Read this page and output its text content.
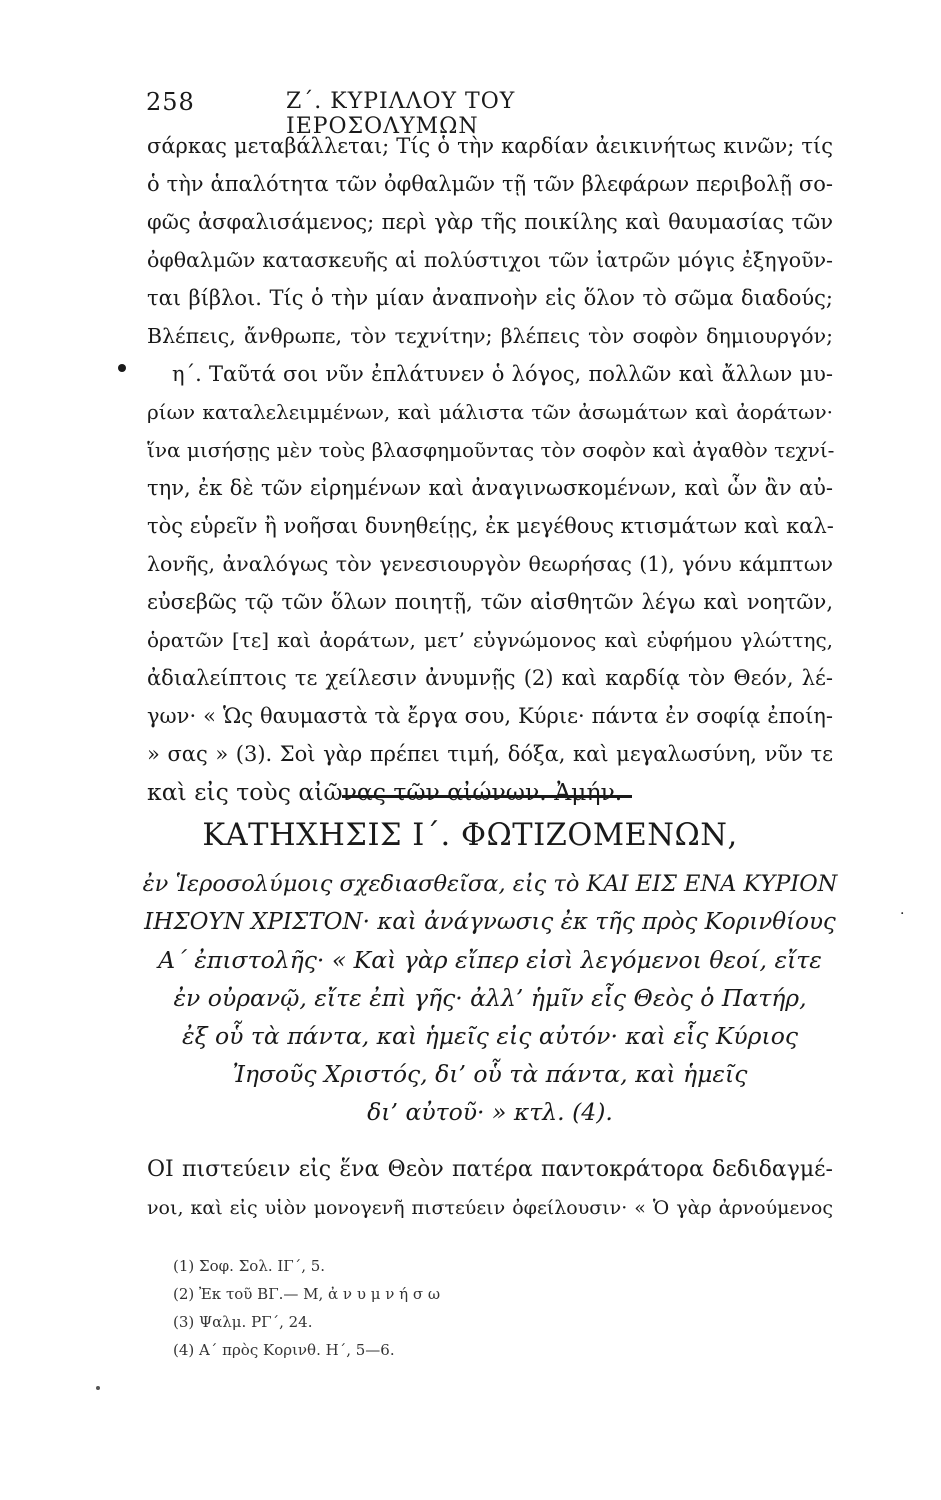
258	Ζ΄. ΚΥΡΙΛΛΟΥ ΤΟΥ ΙΕΡΟΣΟΛΥΜΩΝ
σάρκας μεταβάλλεται; Τίς ὁ τὴν καρδίαν ἀεικινήτως κινῶν; τίς
ὁ τὴν ἁπαλότητα τῶν ὀφθαλμῶν τῇ τῶν βλεφάρων περιβολῇ σο-
φῶς ἀσφαλισάμενος; περὶ γὰρ τῆς ποικίλης καὶ θαυμασίας τῶν
ὀφθαλμῶν κατασκευῆς αἱ πολύστιχοι τῶν ἰατρῶν μόγις ἐξηγοῦν-
ται βίβλοι. Τίς ὁ τὴν μίαν ἀναπνοὴν εἰς ὅλον τὸ σῶμα διαδούς;
Βλέπεις, ἄνθρωπε, τὸν τεχνίτην; βλέπεις τὸν σοφὸν δημιουργόν;
η΄. Ταῦτά σοι νῦν ἐπλάτυνεν ὁ λόγος, πολλῶν καὶ ἄλλων μυ-
ρίων καταλελειμμένων, καὶ μάλιστα τῶν ἀσωμάτων καὶ ἀοράτων·
ἵνα μισήσῃς μὲν τοὺς βλασφημοῦντας τὸν σοφὸν καὶ ἀγαθὸν τεχνί-
την, ἐκ δὲ τῶν εἰρημένων καὶ ἀναγινωσκομένων, καὶ ὧν ἂν αὐ-
τὸς εὑρεῖν ἢ νοῆσαι δυνηθείῃς, ἐκ μεγέθους κτισμάτων καὶ καλ-
λονῆς, ἀναλόγως τὸν γενεσιουργὸν θεωρήσας (1), γόνυ κάμπτων
εὐσεβῶς τῷ τῶν ὅλων ποιητῇ, τῶν αἰσθητῶν λέγω καὶ νοητῶν,
ὁρατῶν [τε] καὶ ἀοράτων, μετ’ εὐγνώμονος καὶ εὐφήμου γλώττης,
ἀδιαλείπτοις τε χείλεσιν ἀνυμνῇς (2) καὶ καρδίᾳ τὸν Θεόν, λέ-
γων· « Ὡς θαυμαστὰ τὰ ἔργα σου, Κύριε· πάντα ἐν σοφίᾳ ἐποίη-
» σας » (3). Σοὶ γὰρ πρέπει τιμή, δόξα, καὶ μεγαλωσύνη, νῦν τε
καὶ εἰς τοὺς αἰῶνας τῶν αἰώνων. Ἀμήν.
ΚΑΤΗΧΗΣΙΣ Ι΄. ΦΩΤΙΖΟΜΕΝΩΝ,
ἐν Ἱεροσολύμοις σχεδιασθεῖσα, εἰς τὸ ΚΑΙ ΕΙΣ ΕΝΑ ΚΥΡΙΟΝ
ΙΗΣΟΥΝ ΧΡΙΣΤΟΝ· καὶ ἀνάγνωσις ἐκ τῆς πρὸς Κορινθίους
Α΄ ἐπιστολῆς· « Καὶ γὰρ εἴπερ εἰσὶ λεγόμενοι θεοί, εἴτε
ἐν οὐρανῷ, εἴτε ἐπὶ γῆς· ἀλλ’ ἡμῖν εἷς Θεὸς ὁ Πατήρ,
ἐξ οὗ τὰ πάντα, καὶ ἡμεῖς εἰς αὐτόν· καὶ εἷς Κύριος
Ἰησοῦς Χριστός, δι’ οὗ τὰ πάντα, καὶ ἡμεῖς
δι’ αὐτοῦ· » κτλ. (4).
·
ΟΙ πιστεύειν εἰς ἕνα Θεὸν πατέρα παντοκράτορα δεδιδαγμέ-
νοι, καὶ εἰς υἱὸν μονογενῆ πιστεύειν ὀφείλουσιν· « Ὁ γὰρ ἀρνούμενος
(1) Σοφ. Σολ. ΙΓ΄, 5.
(2) Ἐκ τοῦ ΒΓ.— Μ, ἀ ν υ μ ν ή σ ω
(3) Ψαλμ. ΡΓ΄, 24.
(4) Α΄ πρὸς Κορινθ. Η΄, 5—6.
